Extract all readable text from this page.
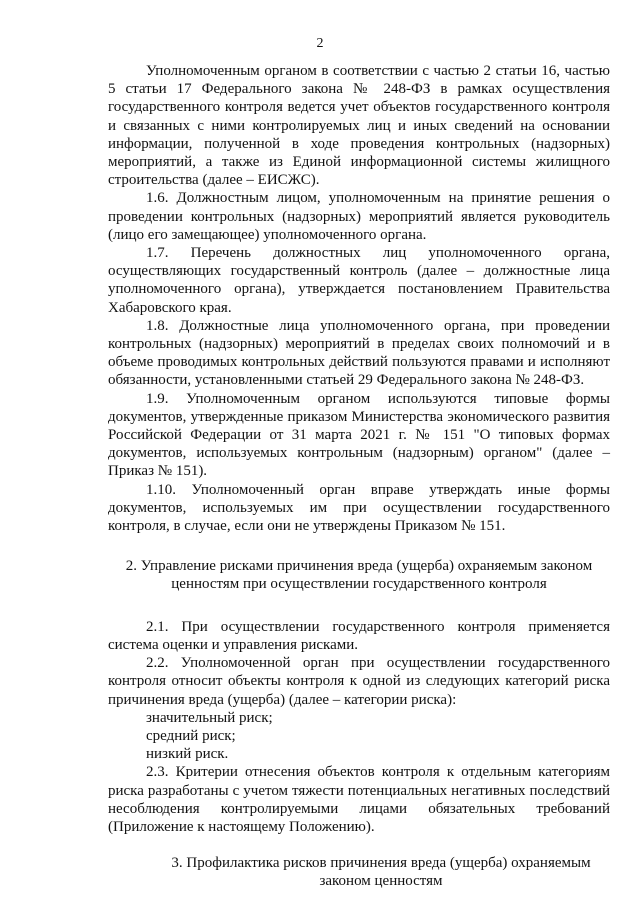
2

Уполномоченным органом в соответствии с частью 2 статьи 16, частью 5 статьи 17 Федерального закона № 248-ФЗ в рамках осуществления государственного контроля ведется учет объектов государственного контроля и связанных с ними контролируемых лиц и иных сведений на основании информации, полученной в ходе проведения контрольных (надзорных) мероприятий, а также из Единой информационной системы жилищного строительства (далее – ЕИСЖС).

1.6. Должностным лицом, уполномоченным на принятие решения о проведении контрольных (надзорных) мероприятий является руководитель (лицо его замещающее) уполномоченного органа.

1.7. Перечень должностных лиц уполномоченного органа, осуществляющих государственный контроль (далее – должностные лица уполномоченного органа), утверждается постановлением Правительства Хабаровского края.

1.8. Должностные лица уполномоченного органа, при проведении контрольных (надзорных) мероприятий в пределах своих полномочий и в объеме проводимых контрольных действий пользуются правами и исполняют обязанности, установленными статьей 29 Федерального закона № 248-ФЗ.

1.9. Уполномоченным органом используются типовые формы документов, утвержденные приказом Министерства экономического развития Российской Федерации от 31 марта 2021 г. № 151 "О типовых формах документов, используемых контрольным (надзорным) органом" (далее – Приказ № 151).

1.10. Уполномоченный орган вправе утверждать иные формы документов, используемых им при осуществлении государственного контроля, в случае, если они не утверждены Приказом № 151.

2. Управление рисками причинения вреда (ущерба) охраняемым законом ценностям при осуществлении государственного контроля

2.1. При осуществлении государственного контроля применяется система оценки и управления рисками.

2.2. Уполномоченной орган при осуществлении государственного контроля относит объекты контроля к одной из следующих категорий риска причинения вреда (ущерба) (далее – категории риска):

значительный риск;

средний риск;

низкий риск.

2.3. Критерии отнесения объектов контроля к отдельным категориям риска разработаны с учетом тяжести потенциальных негативных последствий несоблюдения контролируемыми лицами обязательных требований (Приложение к настоящему Положению).

3. Профилактика рисков причинения вреда (ущерба) охраняемым законом ценностям
